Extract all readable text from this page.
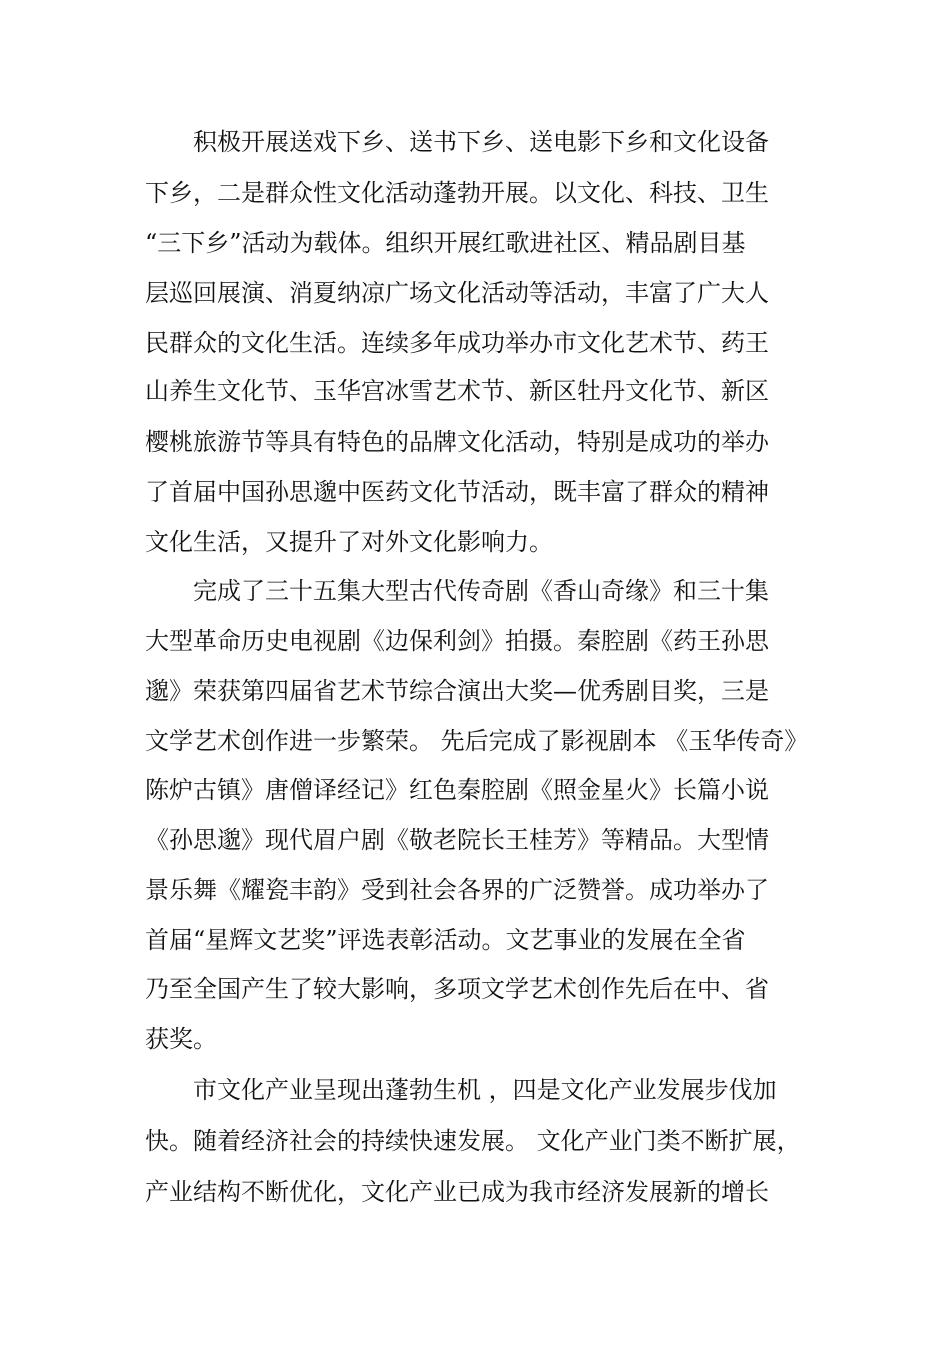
积极开展送戏下乡、送书下乡、送电影下乡和文化设备
下乡，二是群众性文化活动蓬勃开展。以文化、科技、卫生
“三下乡”活动为载体。组织开展红歌进社区、精品剧目基
层巡回展演、消夏纳凉广场文化活动等活动，丰富了广大人
民群众的文化生活。连续多年成功举办市文化艺术节、药王
山养生文化节、玉华宫冰雪艺术节、新区牡丹文化节、新区
樱桃旅游节等具有特色的品牌文化活动，特别是成功的举办
了首届中国孙思邈中医药文化节活动，既丰富了群众的精神
文化生活，又提升了对外文化影响力。
完成了三十五集大型古代传奇剧《香山奇缘》和三十集
大型革命历史电视剧《边保利剑》拍摄。秦腔剧《药王孙思
邈》荣获第四届省艺术节综合演出大奖—优秀剧目奖，三是
文学艺术创作进一步繁荣。 先后完成了影视剧本 《玉华传奇》
陈炉古镇》唐僧译经记》红色秦腔剧《照金星火》长篇小说
《孙思邈》现代眉户剧《敬老院长王桂芳》等精品。大型情
景乐舞《耀瓷丰韵》受到社会各界的广泛赞誉。成功举办了
首届“星辉文艺奖”评选表彰活动。文艺事业的发展在全省
乃至全国产生了较大影响，多项文学艺术创作先后在中、省
获奖。
市文化产业呈现出蓬勃生机 ，四是文化产业发展步伐加
快。随着经济社会的持续快速发展。 文化产业门类不断扩展，
产业结构不断优化，文化产业已成为我市经济发展新的增长
